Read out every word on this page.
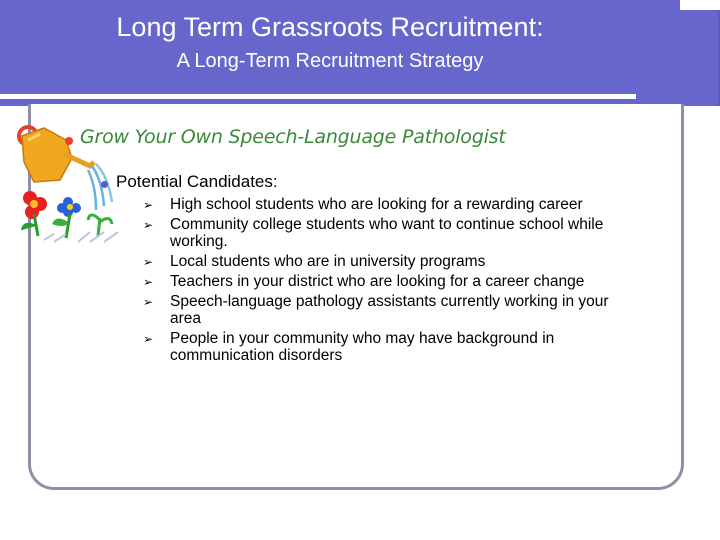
Long Term Grassroots Recruitment:
A Long-Term Recruitment Strategy
Grow Your Own Speech-Language Pathologist
Potential Candidates:
➢ High school students who are looking for a rewarding career
➢ Community college students who want to continue school while working.
➢ Local students who are in university programs
➢ Teachers in your district who are looking for a career change
➢ Speech-language pathology assistants currently working in your area
➢ People in your community who may have background in communication disorders
